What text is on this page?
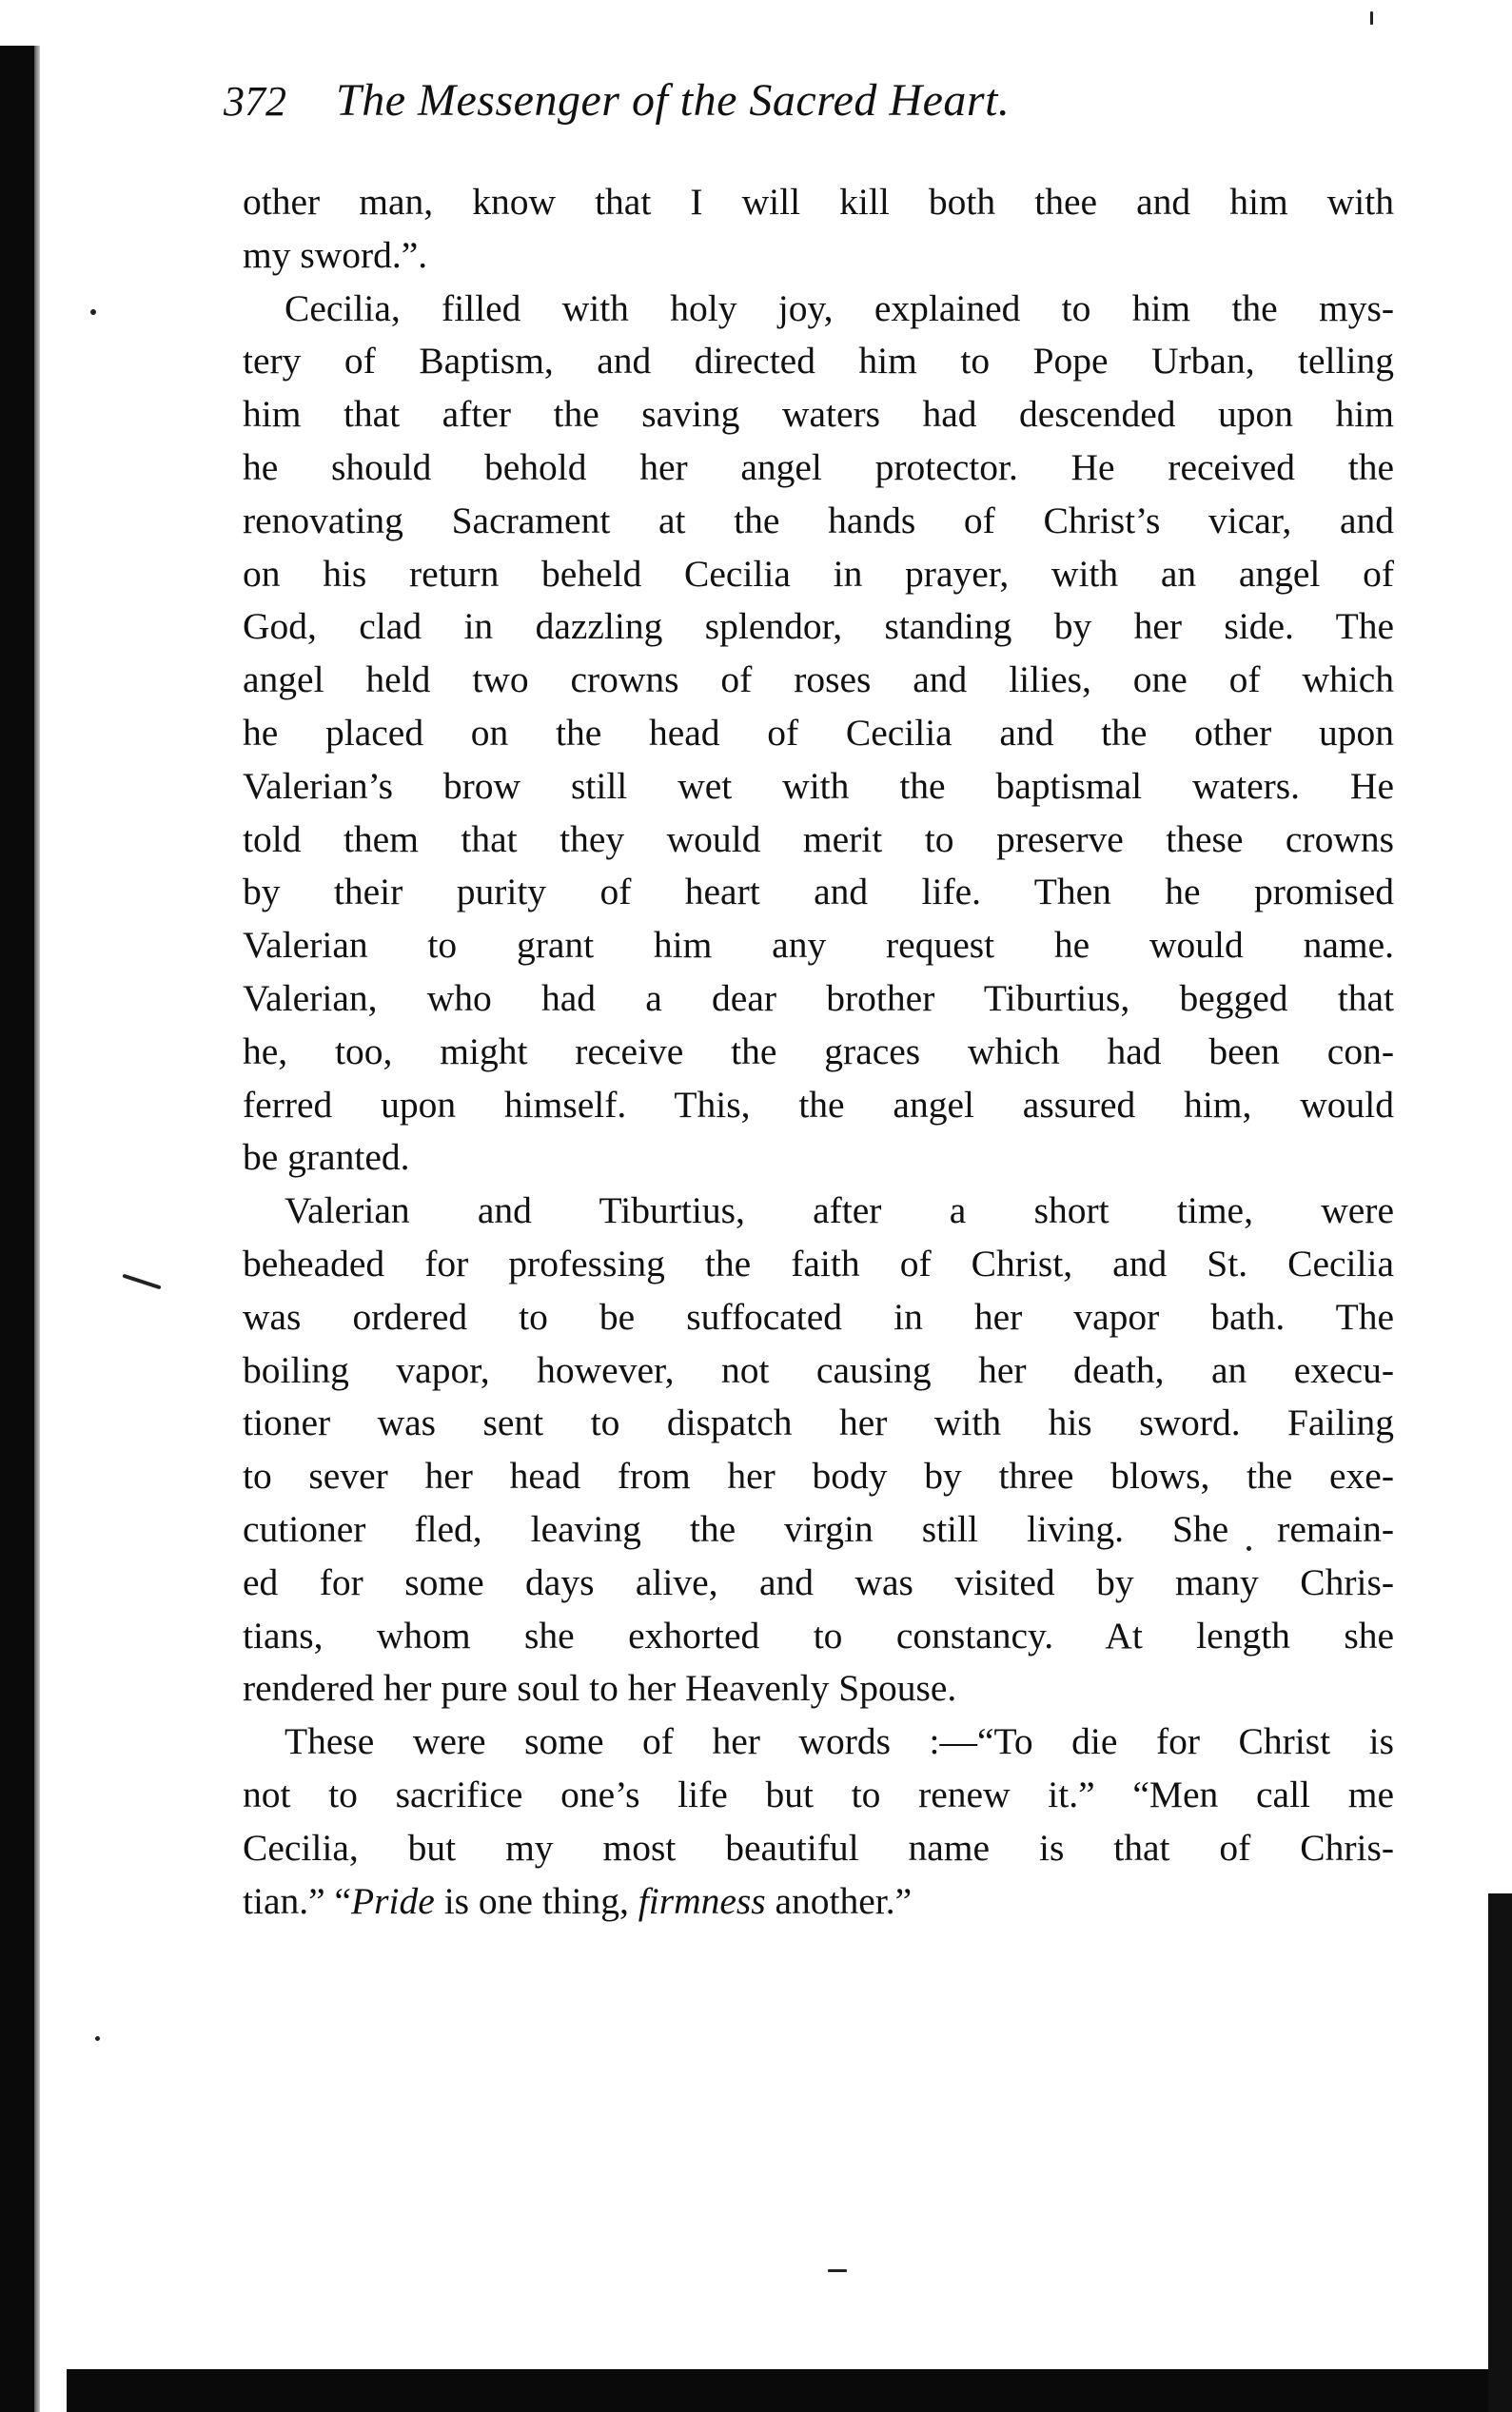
372 The Messenger of the Sacred Heart.
other man, know that I will kill both thee and him with
my sword.”.
Cecilia, filled with holy joy, explained to him the mys-
tery of Baptism, and directed him to Pope Urban, telling
him that after the saving waters had descended upon him
he should behold her angel protector. He received the
renovating Sacrament at the hands of Christ’s vicar, and
on his return beheld Cecilia in prayer, with an angel of
God, clad in dazzling splendor, standing by her side. The
angel held two crowns of roses and lilies, one of which
he placed on the head of Cecilia and the other upon
Valerian’s brow still wet with the baptismal waters. He
told them that they would merit to preserve these crowns
by their purity of heart and life. Then he promised
Valerian to grant him any request he would name.
Valerian, who had a dear brother Tiburtius, begged that
he, too, might receive the graces which had been con-
ferred upon himself. This, the angel assured him, would
be granted.
Valerian and Tiburtius, after a short time, were
beheaded for professing the faith of Christ, and St. Cecilia
was ordered to be suffocated in her vapor bath. The
boiling vapor, however, not causing her death, an execu-
tioner was sent to dispatch her with his sword. Failing
to sever her head from her body by three blows, the exe-
cutioner fled, leaving the virgin still living. She remain-
ed for some days alive, and was visited by many Chris-
tians, whom she exhorted to constancy. At length she
rendered her pure soul to her Heavenly Spouse.
These were some of her words :—“To die for Christ is
not to sacrifice one’s life but to renew it.” “Men call me
Cecilia, but my most beautiful name is that of Chris-
tian.” “Pride is one thing, firmness another.”
